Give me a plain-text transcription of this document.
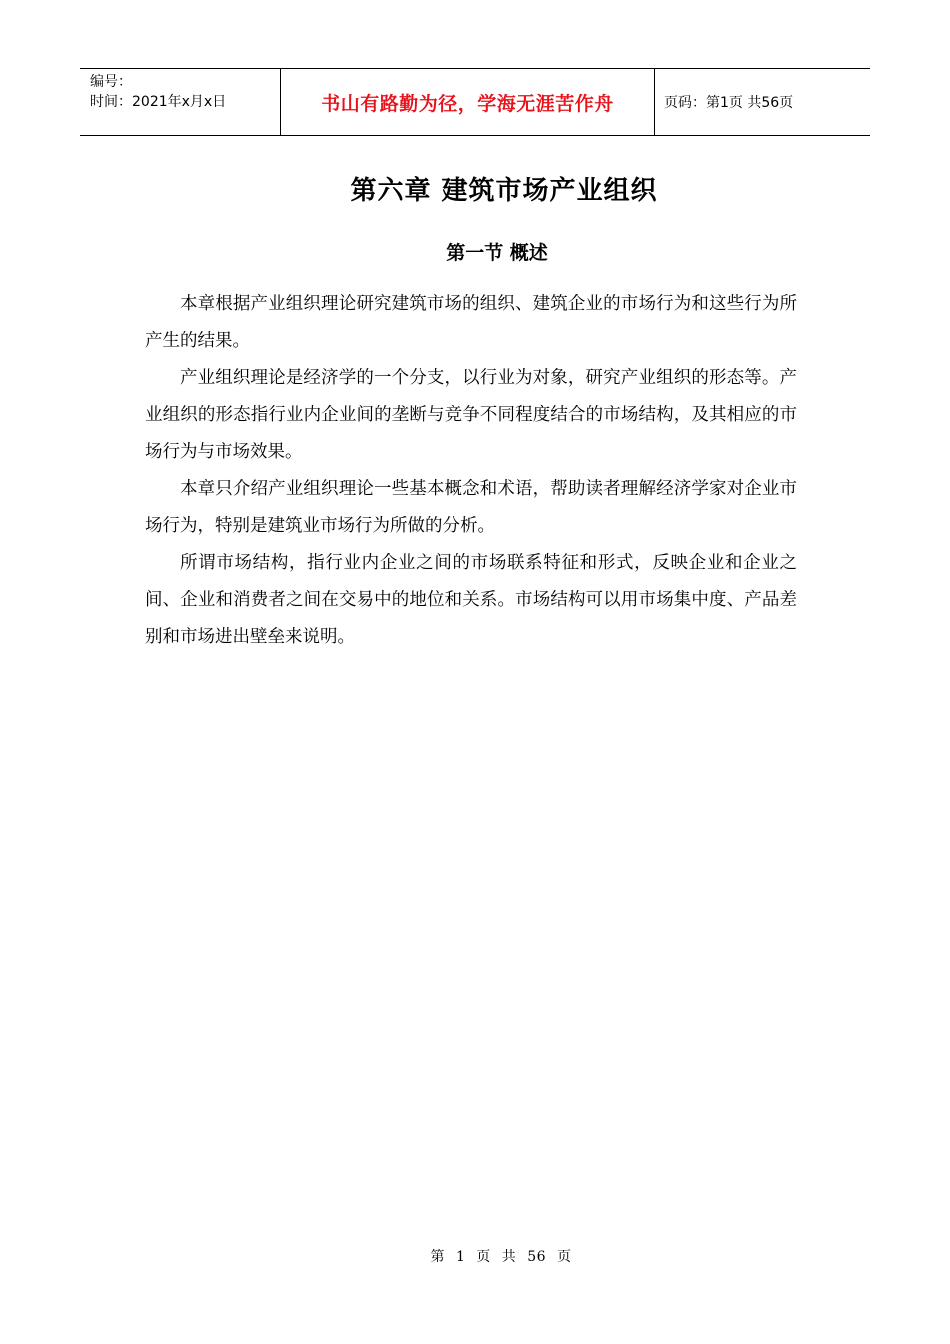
编号：
时间：2021年x月x日	书山有路勤为径，学海无涯苦作舟	页码：第1页 共56页
第六章 建筑市场产业组织
第一节 概述

本章根据产业组织理论研究建筑市场的组织、建筑企业的市场行为和这些行为所产生的结果。

产业组织理论是经济学的一个分支，以行业为对象，研究产业组织的形态等。产业组织的形态指行业内企业间的垄断与竞争不同程度结合的市场结构，及其相应的市场行为与市场效果。

本章只介绍产业组织理论一些基本概念和术语，帮助读者理解经济学家对企业市场行为，特别是建筑业市场行为所做的分析。

所谓市场结构，指行业内企业之间的市场联系特征和形式，反映企业和企业之间、企业和消费者之间在交易中的地位和关系。市场结构可以用市场集中度、产品差别和市场进出壁垒来说明。

第 1 页 共 56 页
